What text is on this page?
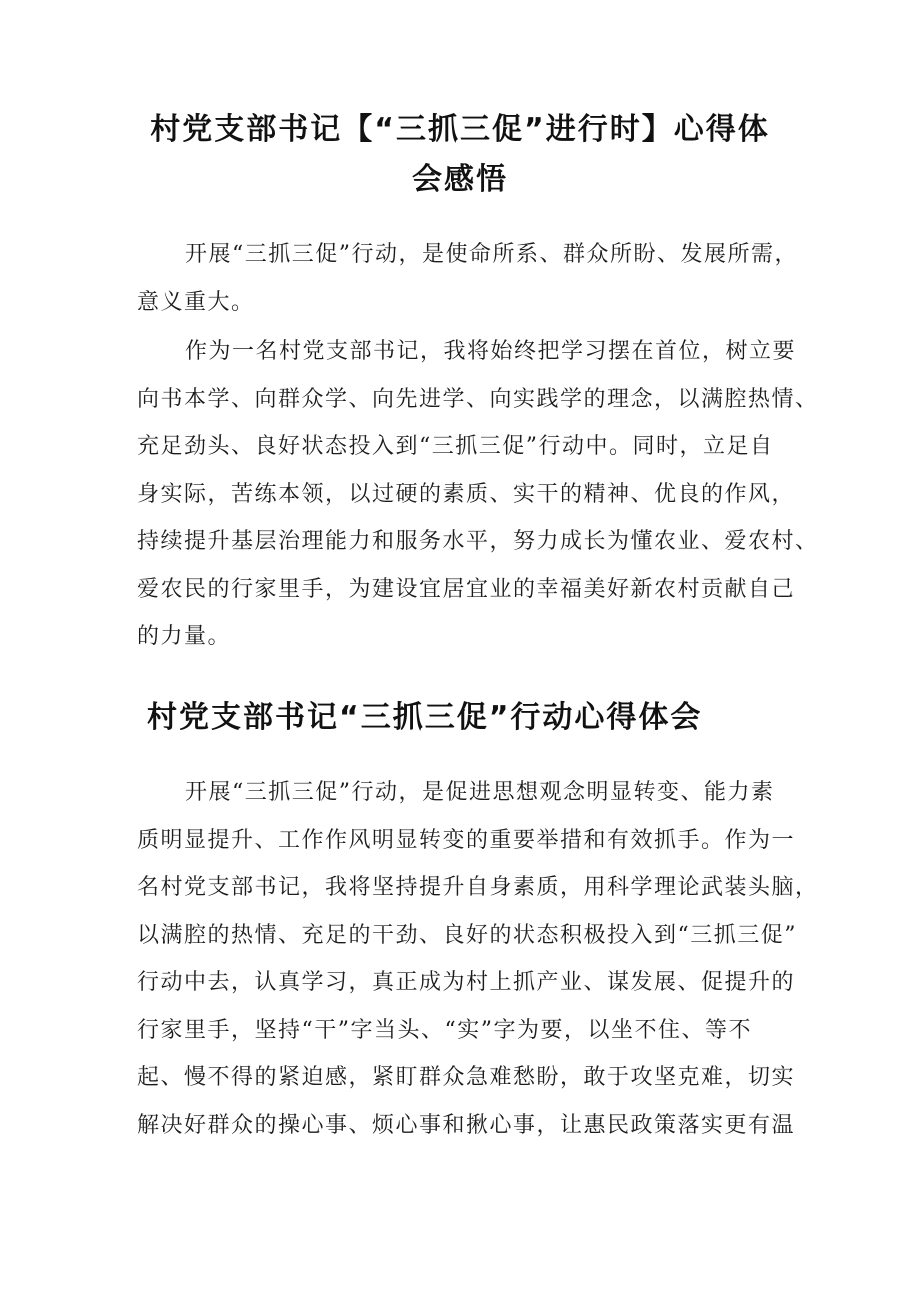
村党支部书记【“三抓三促”进行时】心得体
会感悟
开展“三抓三促”行动，是使命所系、群众所盼、发展所需，
意义重大。
作为一名村党支部书记，我将始终把学习摆在首位，树立要
向书本学、向群众学、向先进学、向实践学的理念，以满腔热情、
充足劲头、良好状态投入到“三抓三促”行动中。同时，立足自
身实际，苦练本领，以过硬的素质、实干的精神、优良的作风，
持续提升基层治理能力和服务水平，努力成长为懂农业、爱农村、
爱农民的行家里手，为建设宜居宜业的幸福美好新农村贡献自己
的力量。
村党支部书记“三抓三促”行动心得体会
开展“三抓三促”行动，是促进思想观念明显转变、能力素
质明显提升、工作作风明显转变的重要举措和有效抓手。作为一
名村党支部书记，我将坚持提升自身素质，用科学理论武装头脑，
以满腔的热情、充足的干劲、良好的状态积极投入到“三抓三促”
行动中去，认真学习，真正成为村上抓产业、谋发展、促提升的
行家里手，坚持“干”字当头、“实”字为要，以坐不住、等不
起、慢不得的紧迫感，紧盯群众急难愁盼，敢于攻坚克难，切实
解决好群众的操心事、烦心事和揪心事，让惠民政策落实更有温
